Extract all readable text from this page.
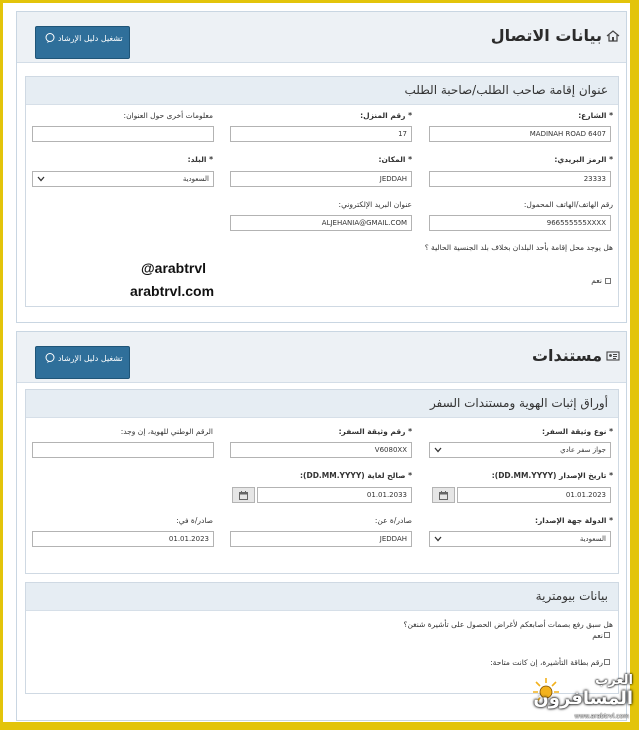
بيانات الاتصال
تشغيل دليل الإرشاد
عنوان إقامة صاحب الطلب/صاحبة الطلب
* الشارع:
MADINAH ROAD 6407
* رقم المنزل:
17
معلومات أخرى حول العنوان:
* الرمز البريدي:
23333
* المكان:
JEDDAH
* البلد:
السعودية
رقم الهاتف/الهاتف المحمول:
966555555XXXX
عنوان البريد الإلكتروني:
ALJEHANIA@GMAIL.COM
هل يوجد محل إقامة بأحد البلدان بخلاف بلد الجنسية الحالية ؟
نعم
@arabtrvl
arabtrvl.com
مستندات
تشغيل دليل الإرشاد
أوراق إثبات الهوية ومستندات السفر
بيانات بيومترية
* نوع وثيقة السفر:
جواز سفر عادي
* رقم وثيقة السفر:
V6080XX
الرقم الوطني للهوية، إن وجد:
* تاريخ الإصدار (DD.MM.YYYY):
01.01.2023
* صالح لغاية (DD.MM.YYYY):
01.01.2033
* الدولة جهة الإصدار:
السعودية
صادر/ة عن:
JEDDAH
صادر/ة في:
01.01.2023
هل سبق رفع بصمات أصابعكم لأغراض الحصول على تأشيرة شنغن؟
نعم
رقم بطاقة التأشيرة، إن كانت متاحة:
العرب
المسافرون
www.arabtrvl.com
